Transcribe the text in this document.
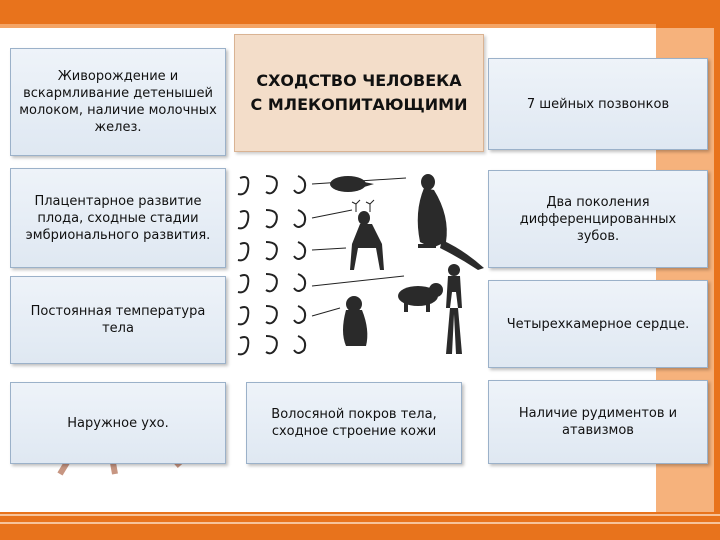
СХОДСТВО ЧЕЛОВЕКА С МЛЕКОПИТАЮЩИМИ
Живорождение и вскармливание детенышей молоком, наличие молочных желез.
Плацентарное развитие плода, сходные стадии эмбрионального развития.
Постоянная температура тела
Наружное ухо.
7 шейных позвонков
Два поколения дифференцированных зубов.
Четырехкамерное сердце.
Наличие рудиментов и атавизмов
Волосяной покров тела, сходное строение кожи
